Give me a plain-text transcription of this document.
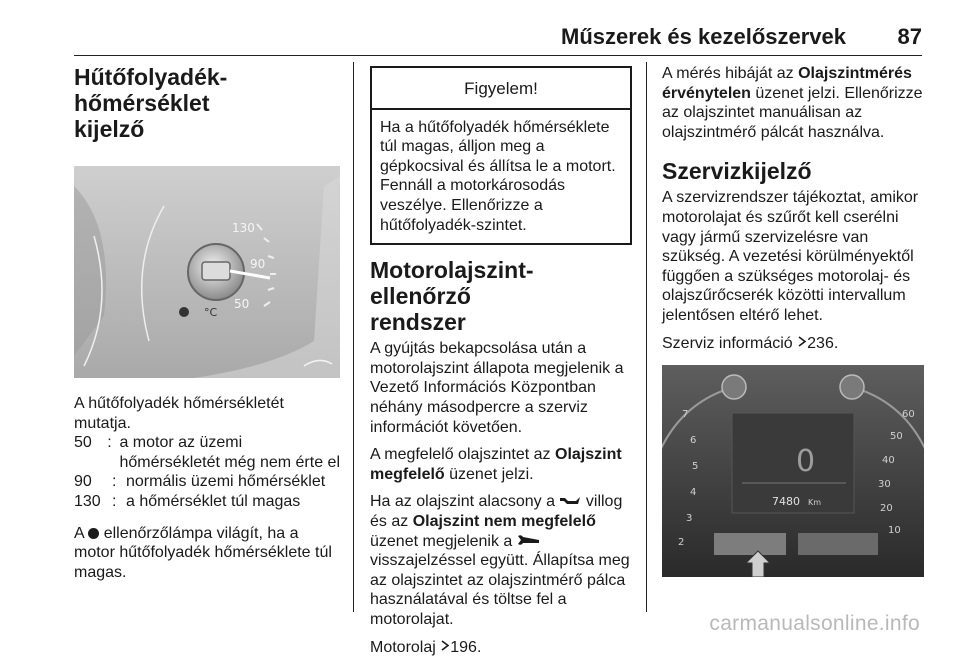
Műszerek és kezelőszervek 87
Hűtőfolyadék-hőmérséklet
kijelző
130
90
50
°C

A hűtőfolyadék hőmérsékletét mutatja.

50 : a motor az üzemi
hőmérsékletét még nem érte el
90	: normális üzemi hőmérséklet
130 : a hőmérséklet túl magas

A ellenőrzőlámpa világít, ha a motor hűtőfolyadék hőmérséklete túl magas.

Figyelem!
Ha a hűtőfolyadék hőmérséklete túl magas, álljon meg a gépkocsival és állítsa le a motort. Fennáll a motorkárosodás veszélye. Ellenőrizze a hűtőfolyadék-szintet.
Motorolajszint-ellenőrző
rendszer

A gyújtás bekapcsolása után a motorolajszint állapota megjelenik a Vezető Információs Központban néhány másodpercre a szerviz információt követően.

A megfelelő olajszintet az Olajszint megfelelő üzenet jelzi.

Ha az olajszint alacsony a  villog és az Olajszint nem megfelelő üzenet megjelenik a  visszajelzéssel együtt. Állapítsa meg az olajszintet az olajszintmérő pálca használatával és töltse fel a motorolajat.

Motorolaj 196.

A mérés hibáját az Olajszintmérés érvénytelen üzenet jelzi. Ellenőrizze az olajszintet manuálisan az olajszintmérő pálcát használva.

Szervizkijelző

A szervizrendszer tájékoztat, amikor motorolajat és szűrőt kell cserélni vagy jármű szervizelésre van szükség. A vezetési körülményektől függően a szükséges motorolaj- és olajszűrőcserék közötti intervallum jelentősen eltérő lehet.

Szerviz információ 236.

0
7480 Km
60
50
40
30
20
10
7
6
5
4
3
2
carmanualsonline.info
